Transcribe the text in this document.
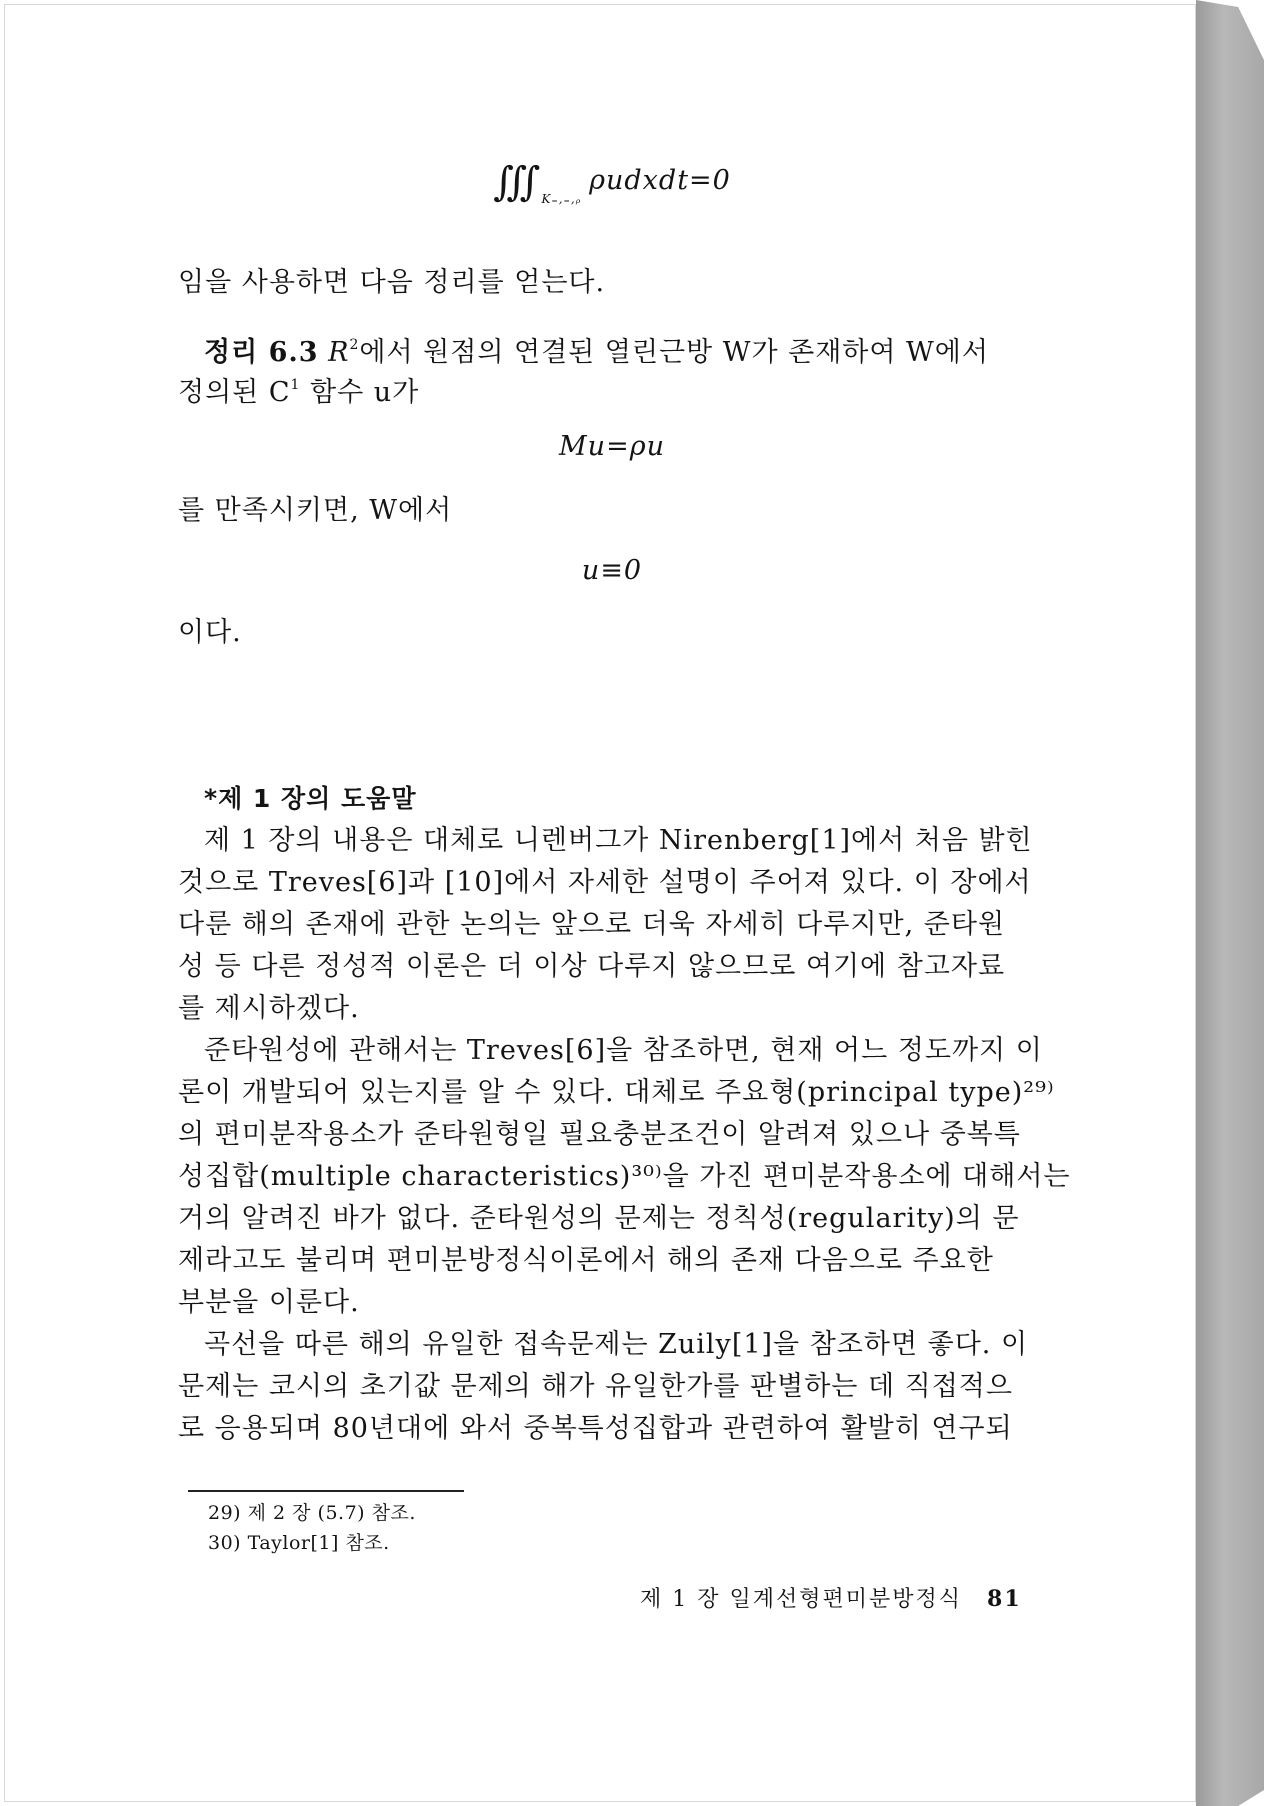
∭ $_{K_=,_=,ᵨ}$ρudxdt=0
임을 사용하면 다음 정리를 얻는다.
정리 6.3 $R^2$에서 원점의 연결된 열린근방 W가 존재하여 W에서
정의된 $C^1$ 함수 u가
Mu=ρu
를 만족시키면, W에서
u≡0
이다.
*제 1 장의 도움말
제 1 장의 내용은 대체로 니렌버그가 Nirenberg[1]에서 처음 밝힌
것으로 Treves[6]과 [10]에서 자세한 설명이 주어져 있다. 이 장에서
다룬 해의 존재에 관한 논의는 앞으로 더욱 자세히 다루지만, 준타원
성 등 다른 정성적 이론은 더 이상 다루지 않으므로 여기에 참고자료
를 제시하겠다.
준타원성에 관해서는 Treves[6]을 참조하면, 현재 어느 정도까지 이
론이 개발되어 있는지를 알 수 있다. 대체로 주요형(principal type)²⁹⁾
의 편미분작용소가 준타원형일 필요충분조건이 알려져 있으나 중복특
성집합(multiple characteristics)³⁰⁾을 가진 편미분작용소에 대해서는
거의 알려진 바가 없다. 준타원성의 문제는 정칙성(regularity)의 문
제라고도 불리며 편미분방정식이론에서 해의 존재 다음으로 주요한
부분을 이룬다.
곡선을 따른 해의 유일한 접속문제는 Zuily[1]을 참조하면 좋다. 이
문제는 코시의 초기값 문제의 해가 유일한가를 판별하는 데 직접적으
로 응용되며 80년대에 와서 중복특성집합과 관련하여 활발히 연구되
29) 제 2 장 (5.7) 참조.
30) Taylor[1] 참조.
제 1 장 일계선형편미분방정식 81
